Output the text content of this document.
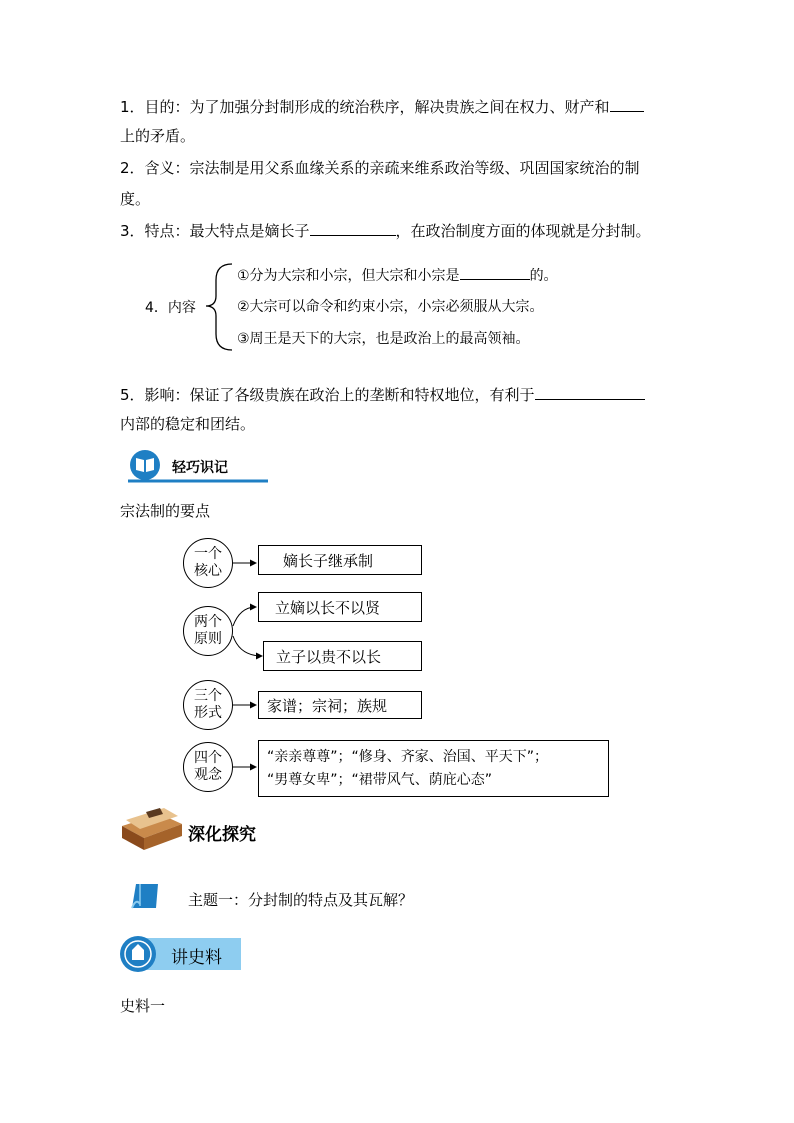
1．目的：为了加强分封制形成的统治秩序，解决贵族之间在权力、财产和
上的矛盾。
2．含义：宗法制是用父系血缘关系的亲疏来维系政治等级、巩固国家统治的制
度。
3．特点：最大特点是嫡长子	，在政治制度方面的体现就是分封制。
4．内容
①分为大宗和小宗，但大宗和小宗是	的。
②大宗可以命令和约束小宗，小宗必须服从大宗。
③周王是天下的大宗，也是政治上的最高领袖。
5．影响：保证了各级贵族在政治上的垄断和特权地位，有利于
内部的稳定和团结。
轻巧识记
宗法制的要点
一个
核心
嫡长子继承制
两个
原则
立嫡以长不以贤
立子以贵不以长
三个
形式	家谱；宗祠；族规
四个
观念
“亲亲尊尊”；“修身、齐家、治国、平天下”；
“男尊女卑”；“裙带风气、荫庇心态”
深化探究
主题一：分封制的特点及其瓦解？
讲史料
史料一
